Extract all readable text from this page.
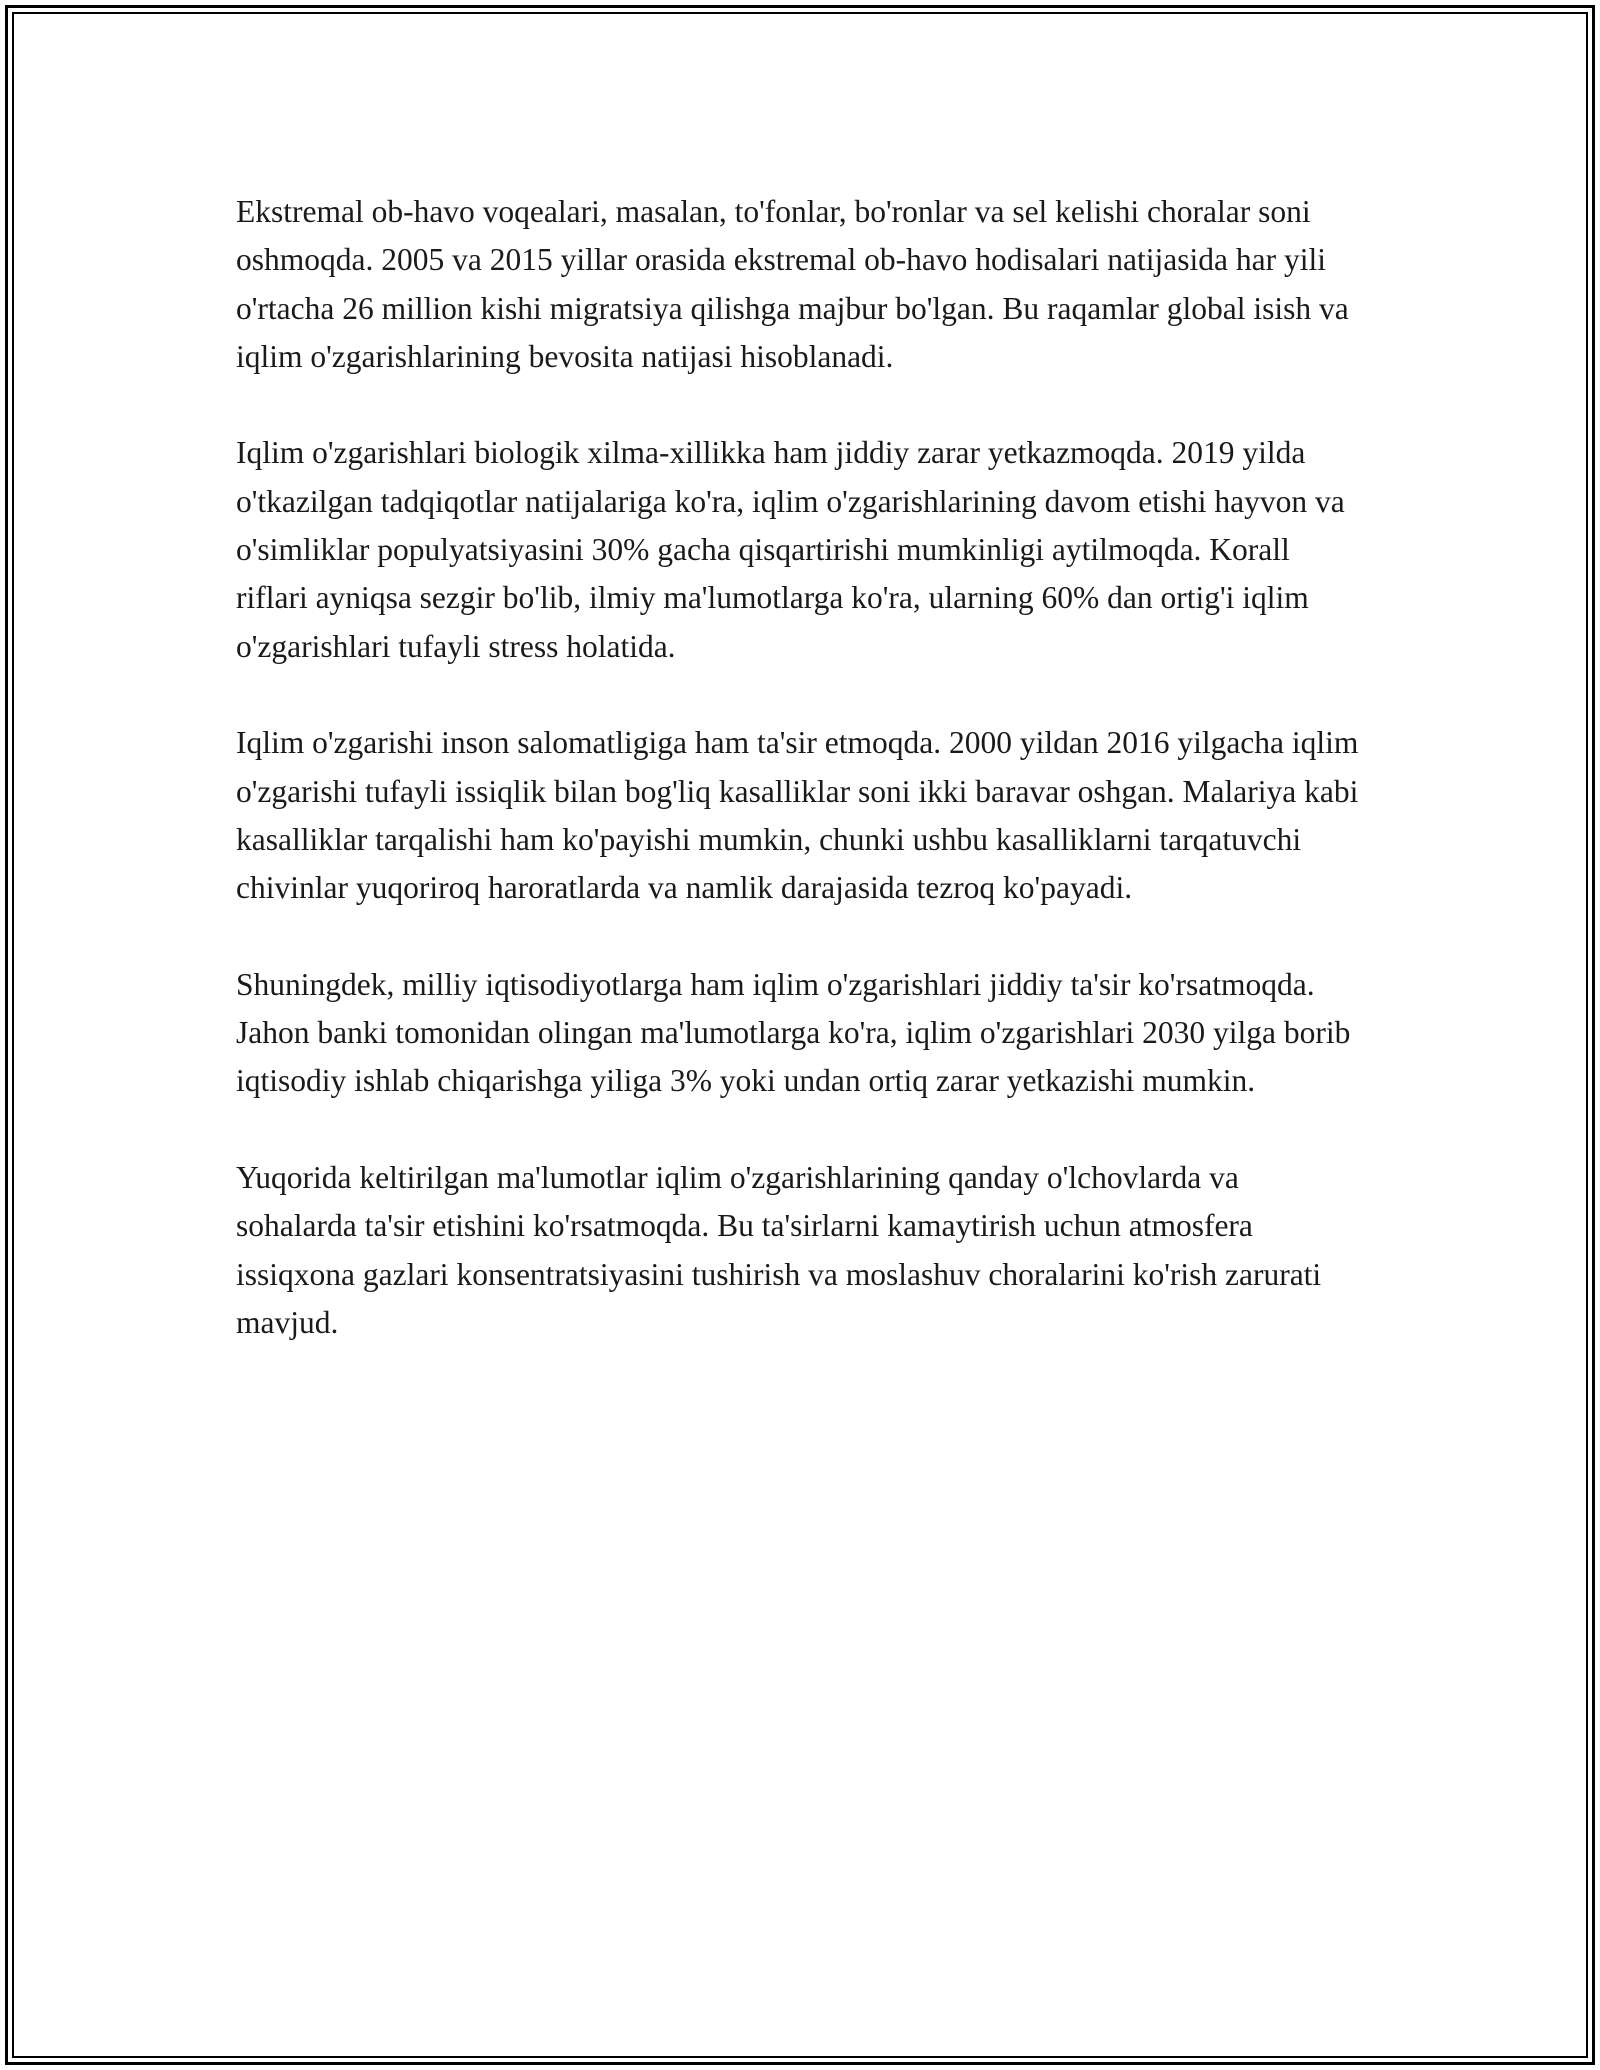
Ekstremal ob-havo voqealari, masalan, to'fonlar, bo'ronlar va sel kelishi choralar soni oshmoqda. 2005 va 2015 yillar orasida ekstremal ob-havo hodisalari natijasida har yili o'rtacha 26 million kishi migratsiya qilishga majbur bo'lgan. Bu raqamlar global isish va iqlim o'zgarishlarining bevosita natijasi hisoblanadi.

Iqlim o'zgarishlari biologik xilma-xillikka ham jiddiy zarar yetkazmoqda. 2019 yilda o'tkazilgan tadqiqotlar natijalariga ko'ra, iqlim o'zgarishlarining davom etishi hayvon va o'simliklar populyatsiyasini 30% gacha qisqartirishi mumkinligi aytilmoqda. Korall riflari ayniqsa sezgir bo'lib, ilmiy ma'lumotlarga ko'ra, ularning 60% dan ortig'i iqlim o'zgarishlari tufayli stress holatida.

Iqlim o'zgarishi inson salomatligiga ham ta'sir etmoqda. 2000 yildan 2016 yilgacha iqlim o'zgarishi tufayli issiqlik bilan bog'liq kasalliklar soni ikki baravar oshgan. Malariya kabi kasalliklar tarqalishi ham ko'payishi mumkin, chunki ushbu kasalliklarni tarqatuvchi chivinlar yuqoriroq haroratlarda va namlik darajasida tezroq ko'payadi.

Shuningdek, milliy iqtisodiyotlarga ham iqlim o'zgarishlari jiddiy ta'sir ko'rsatmoqda. Jahon banki tomonidan olingan ma'lumotlarga ko'ra, iqlim o'zgarishlari 2030 yilga borib iqtisodiy ishlab chiqarishga yiliga 3% yoki undan ortiq zarar yetkazishi mumkin.

Yuqorida keltirilgan ma'lumotlar iqlim o'zgarishlarining qanday o'lchovlarda va sohalarda ta'sir etishini ko'rsatmoqda. Bu ta'sirlarni kamaytirish uchun atmosfera issiqxona gazlari konsentratsiyasini tushirish va moslashuv choralarini ko'rish zarurati mavjud.
